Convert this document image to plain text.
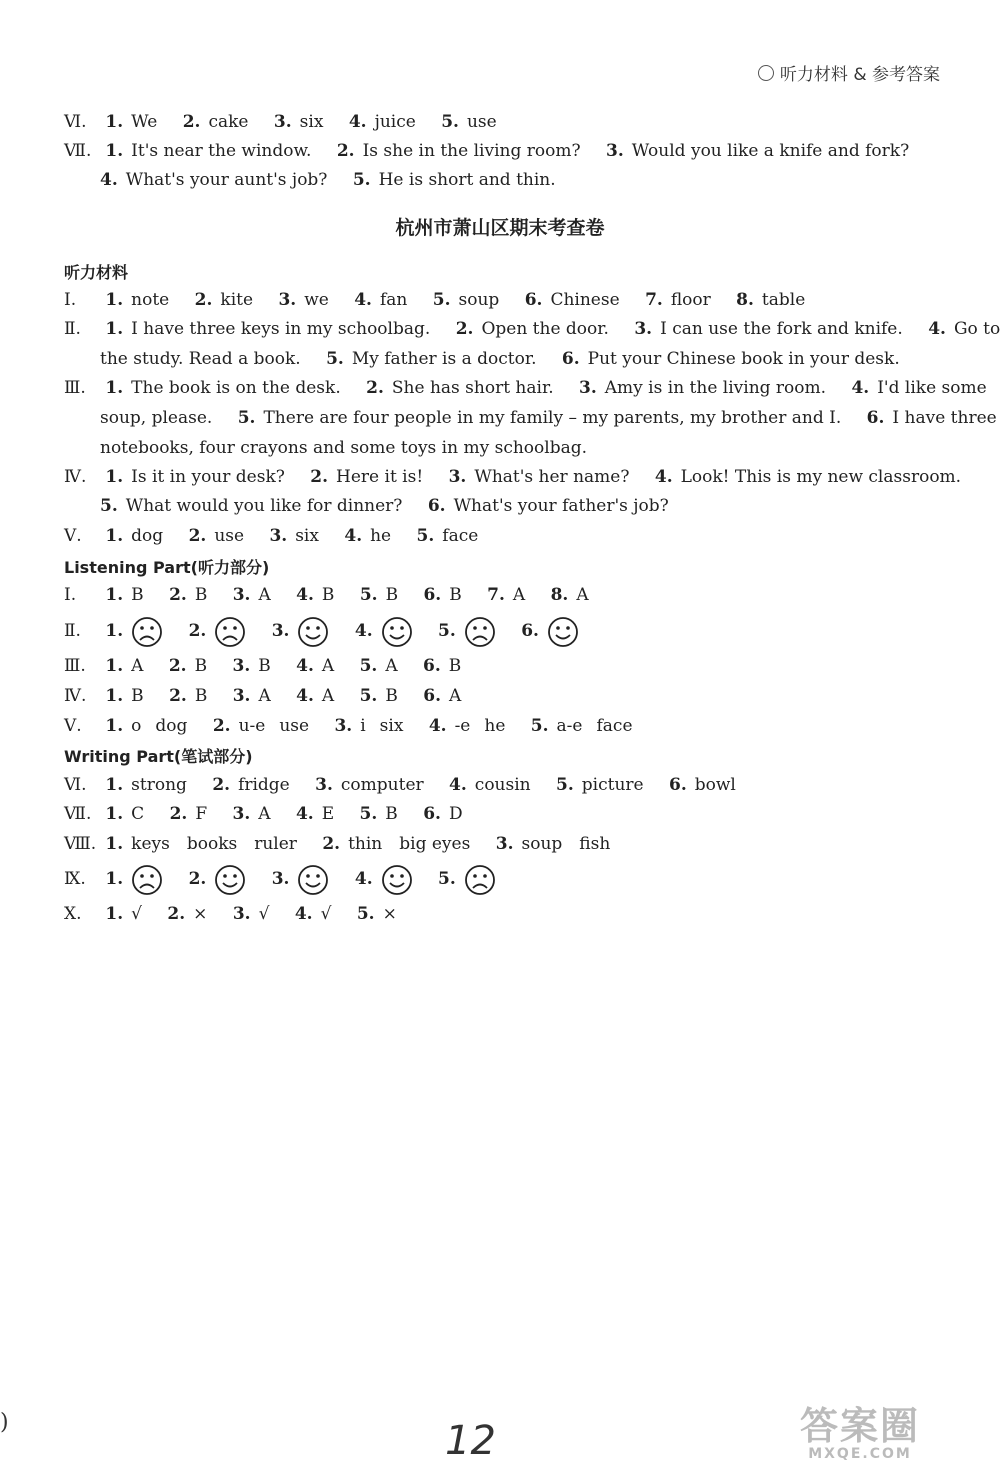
听力材料 & 参考答案
Ⅵ. 1. We 2. cake 3. six 4. juice 5. use
Ⅶ. 1. It's near the window. 2. Is she in the living room? 3. Would you like a knife and fork?
4. What's your aunt's job? 5. He is short and thin.
杭州市萧山区期末考查卷
听力材料
Ⅰ. 1. note 2. kite 3. we 4. fan 5. soup 6. Chinese 7. floor 8. table
Ⅱ. 1. I have three keys in my schoolbag. 2. Open the door. 3. I can use the fork and knife. 4. Go to
the study. Read a book. 5. My father is a doctor. 6. Put your Chinese book in your desk.
Ⅲ. 1. The book is on the desk. 2. She has short hair. 3. Amy is in the living room. 4. I'd like some
soup, please. 5. There are four people in my family – my parents, my brother and I. 6. I have three
notebooks, four crayons and some toys in my schoolbag.
Ⅳ. 1. Is it in your desk? 2. Here it is! 3. What's her name? 4. Look! This is my new classroom.
5. What would you like for dinner? 6. What's your father's job?
Ⅴ. 1. dog 2. use 3. six 4. he 5. face
Listening Part(听力部分)
Ⅰ. 1. B 2. B 3. A 4. B 5. B 6. B 7. A 8. A
Ⅱ. 1.	2.	3.	4.	5.	6.
Ⅲ. 1. A 2. B 3. B 4. A 5. A 6. B
Ⅳ. 1. B 2. B 3. A 4. A 5. B 6. A
Ⅴ. 1. o dog 2. u-e use 3. i six 4. -e he 5. a-e face
Writing Part(笔试部分)
Ⅵ. 1. strong 2. fridge 3. computer 4. cousin 5. picture 6. bowl
Ⅶ. 1. C 2. F 3. A 4. E 5. B 6. D
Ⅷ. 1. keys　books　ruler 2. thin　big eyes 3. soup　fish
Ⅸ. 1.	2.	3.	4.	5.
Ⅹ. 1. √ 2. × 3. √ 4. √ 5. ×
)	12	答案圈
MXQE.COM
